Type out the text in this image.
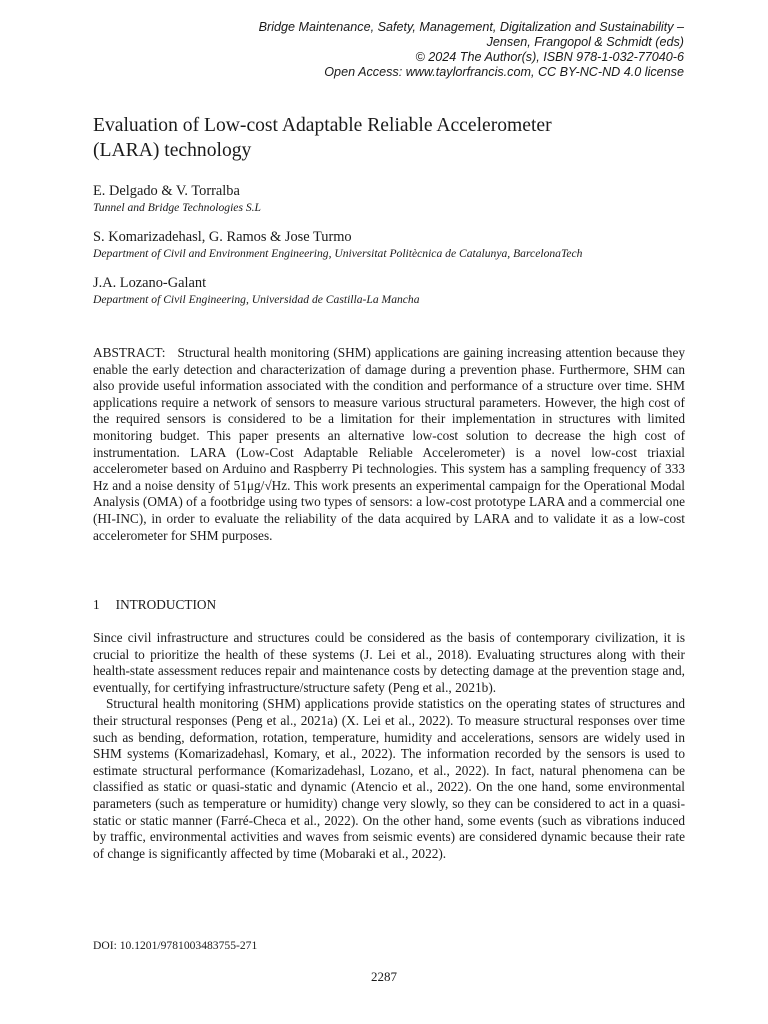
Bridge Maintenance, Safety, Management, Digitalization and Sustainability –
Jensen, Frangopol & Schmidt (eds)
© 2024 The Author(s), ISBN 978-1-032-77040-6
Open Access: www.taylorfrancis.com, CC BY-NC-ND 4.0 license
Evaluation of Low-cost Adaptable Reliable Accelerometer
(LARA) technology
E. Delgado & V. Torralba
Tunnel and Bridge Technologies S.L
S. Komarizadehasl, G. Ramos & Jose Turmo
Department of Civil and Environment Engineering, Universitat Politècnica de Catalunya, BarcelonaTech
J.A. Lozano-Galant
Department of Civil Engineering, Universidad de Castilla-La Mancha

ABSTRACT: Structural health monitoring (SHM) applications are gaining increasing attention because they enable the early detection and characterization of damage during a prevention phase. Furthermore, SHM can also provide useful information associated with the condition and performance of a structure over time. SHM applications require a network of sensors to measure various structural parameters. However, the high cost of the required sensors is considered to be a limitation for their implementation in structures with limited monitoring budget. This paper presents an alternative low-cost solution to decrease the high cost of instrumentation. LARA (Low-Cost Adaptable Reliable Accelerometer) is a novel low-cost triaxial accelerometer based on Arduino and Raspberry Pi technologies. This system has a sampling frequency of 333 Hz and a noise density of 51μg/√Hz. This work presents an experimental campaign for the Operational Modal Analysis (OMA) of a footbridge using two types of sensors: a low-cost prototype LARA and a commercial one (HI-INC), in order to evaluate the reliability of the data acquired by LARA and to validate it as a low-cost accelerometer for SHM purposes.

1 INTRODUCTION

Since civil infrastructure and structures could be considered as the basis of contemporary civilization, it is crucial to prioritize the health of these systems (J. Lei et al., 2018). Evaluating structures along with their health-state assessment reduces repair and maintenance costs by detecting damage at the prevention stage and, eventually, for certifying infrastructure/structure safety (Peng et al., 2021b).

Structural health monitoring (SHM) applications provide statistics on the operating states of structures and their structural responses (Peng et al., 2021a) (X. Lei et al., 2022). To measure structural responses over time such as bending, deformation, rotation, temperature, humidity and accelerations, sensors are widely used in SHM systems (Komarizadehasl, Komary, et al., 2022). The information recorded by the sensors is used to estimate structural performance (Komarizadehasl, Lozano, et al., 2022). In fact, natural phenomena can be classified as static or quasi-static and dynamic (Atencio et al., 2022). On the one hand, some environmental parameters (such as temperature or humidity) change very slowly, so they can be considered to act in a quasi-static or static manner (Farré-Checa et al., 2022). On the other hand, some events (such as vibrations induced by traffic, environmental activities and waves from seismic events) are considered dynamic because their rate of change is significantly affected by time (Mobaraki et al., 2022).

DOI: 10.1201/9781003483755-271
2287
